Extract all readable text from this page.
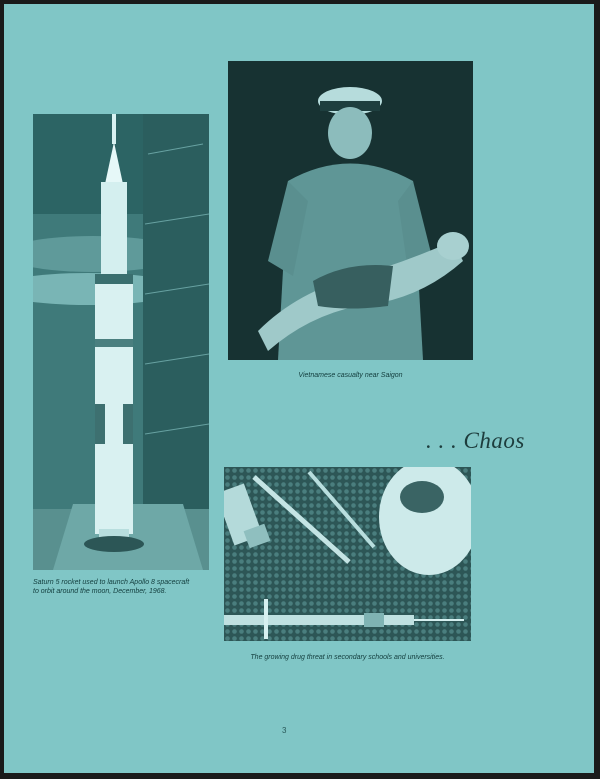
Saturn 5 rocket used to launch Apollo 8 spacecraft
to orbit around the moon, December, 1968.
Vietnamese casualty near Saigon
. . . Chaos
The growing drug threat in secondary schools and universities.
3
